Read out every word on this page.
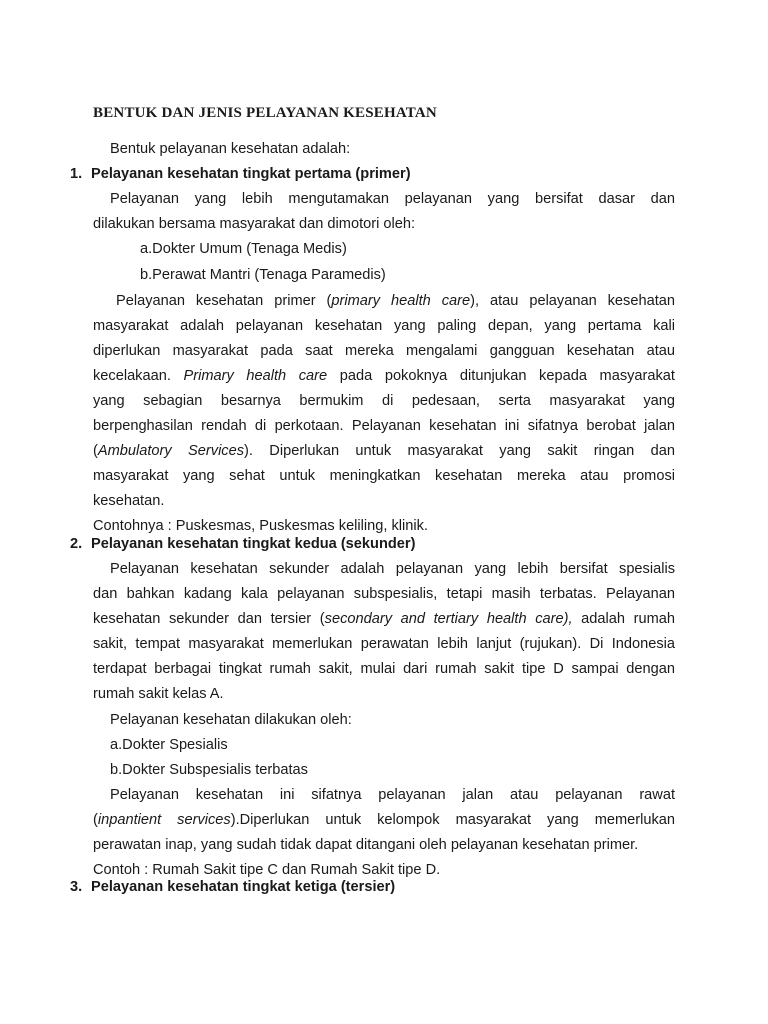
BENTUK DAN JENIS PELAYANAN KESEHATAN
Bentuk pelayanan kesehatan adalah:
1. Pelayanan kesehatan tingkat pertama (primer)
Pelayanan yang lebih mengutamakan pelayanan yang bersifat dasar dan
dilakukan bersama masyarakat dan dimotori oleh:
a.Dokter Umum (Tenaga Medis)
b.Perawat Mantri (Tenaga Paramedis)
Pelayanan kesehatan primer (primary health care), atau pelayanan kesehatan
masyarakat adalah pelayanan kesehatan yang paling depan, yang pertama kali
diperlukan masyarakat pada saat mereka mengalami gangguan kesehatan atau
kecelakaan. Primary health care pada pokoknya ditunjukan kepada masyarakat
yang sebagian besarnya bermukim di pedesaan, serta masyarakat yang
berpenghasilan rendah di perkotaan. Pelayanan kesehatan ini sifatnya berobat jalan
(Ambulatory Services). Diperlukan untuk masyarakat yang sakit ringan dan
masyarakat yang sehat untuk meningkatkan kesehatan mereka atau promosi
kesehatan.
Contohnya : Puskesmas, Puskesmas keliling, klinik.
2. Pelayanan kesehatan tingkat kedua (sekunder)
Pelayanan kesehatan sekunder adalah pelayanan yang lebih bersifat spesialis
dan bahkan kadang kala pelayanan subspesialis, tetapi masih terbatas. Pelayanan
kesehatan sekunder dan tersier (secondary and tertiary health care), adalah rumah
sakit, tempat masyarakat memerlukan perawatan lebih lanjut (rujukan). Di Indonesia
terdapat berbagai tingkat rumah sakit, mulai dari rumah sakit tipe D sampai dengan
rumah sakit kelas A.
Pelayanan kesehatan dilakukan oleh:
a.Dokter Spesialis
b.Dokter Subspesialis terbatas
Pelayanan kesehatan ini sifatnya pelayanan jalan atau pelayanan rawat
(inpantient services).Diperlukan untuk kelompok masyarakat yang memerlukan
perawatan inap, yang sudah tidak dapat ditangani oleh pelayanan kesehatan primer.
Contoh : Rumah Sakit tipe C dan Rumah Sakit tipe D.
3. Pelayanan kesehatan tingkat ketiga (tersier)
